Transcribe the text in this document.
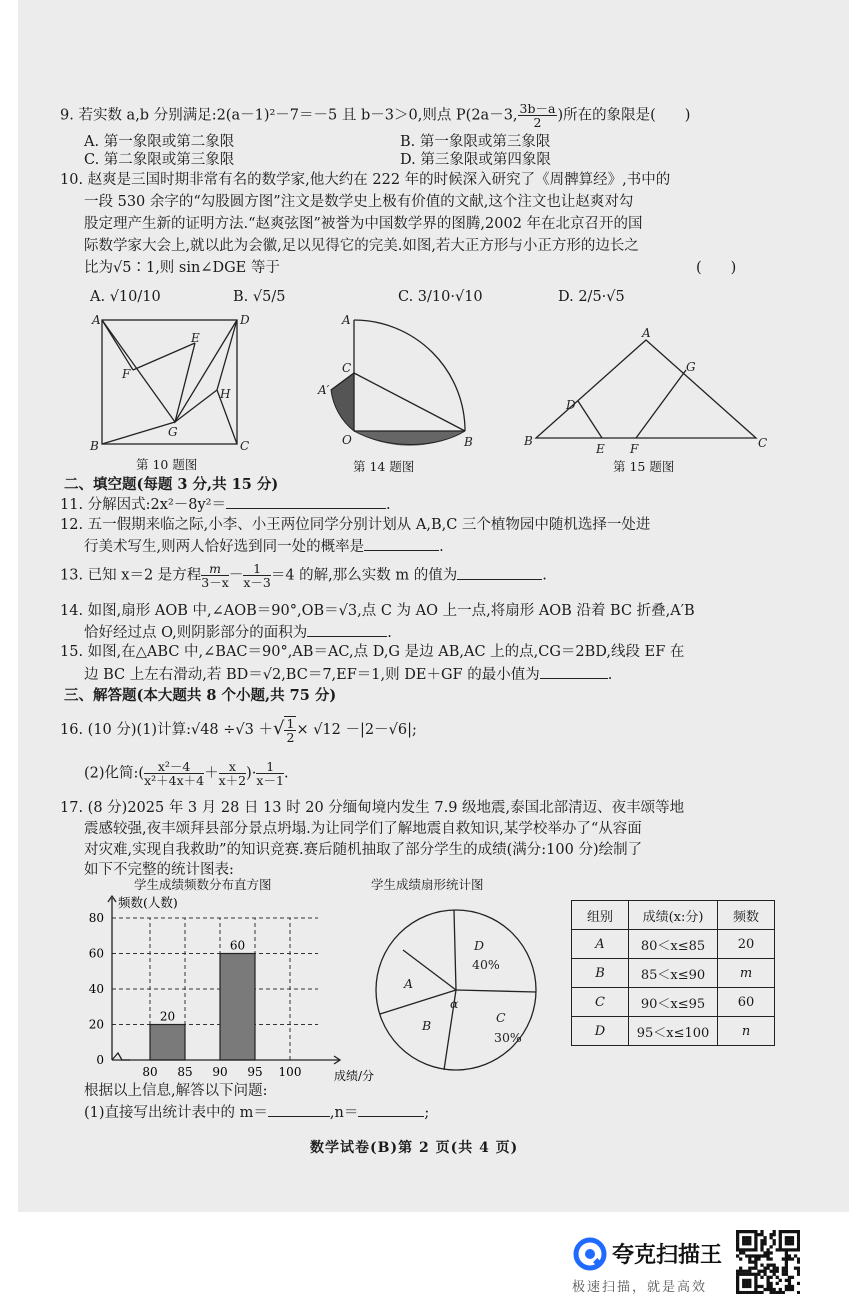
9. 若实数 a,b 分别满足:2(a－1)²－7＝－5 且 b－3＞0,则点 P(2a－3, $\frac{3b-a}{2}$ )所在的象限是(　　)
A. 第一象限或第二象限	B. 第一象限或第三象限
C. 第二象限或第三象限	D. 第三象限或第四象限
10. 赵爽是三国时期非常有名的数学家,他大约在 222 年的时候深入研究了《周髀算经》,书中的
一段 530 余字的“勾股圆方图”注文是数学史上极有价值的文献,这个注文也让赵爽对勾
股定理产生新的证明方法.“赵爽弦图”被誉为中国数学界的图腾,2002 年在北京召开的国
际数学家大会上,就以此为会徽,足以见得它的完美.如图,若大正方形与小正方形的边长之
比为√5∶1,则 sin∠DGE 等于	(　　)
A. √10/10	B. √5/5	C. 3/10·√10	D. 2/5·√5
A	D
B	C
E
F
G
H
第 10 题图
A
C
A′
O	B
第 14 题图
A
G
D
B
E F	C
第 15 题图
二、填空题(每题 3 分,共 15 分)
11. 分解因式:2x²－8y²＝	.
12. 五一假期来临之际,小李、小王两位同学分别计划从 A,B,C 三个植物园中随机选择一处进
行美术写生,则两人恰好选到同一处的概率是	.
13. 已知 x＝2 是方程 $\frac{m}{3-x} - \frac{1}{x-3} =4$ 的解,那么实数 m 的值为	.
14. 如图,扇形 AOB 中,∠AOB＝90°,OB＝√3,点 C 为 AO 上一点,将扇形 AOB 沿着 BC 折叠,A′B
恰好经过点 O,则阴影部分的面积为	.
15. 如图,在△ABC 中,∠BAC＝90°,AB＝AC,点 D,G 是边 AB,AC 上的点,CG＝2BD,线段 EF 在
边 BC 上左右滑动,若 BD＝√2,BC＝7,EF＝1,则 DE＋GF 的最小值为	.
三、解答题(本大题共 8 个小题,共 75 分)
16. (10 分)(1)计算:√48 ÷√3 ＋√ $\frac{1}{2} \times √12 -|2-√6|$;
(2)化简:( $\frac{\text{x²－4}}{\text{x²＋4x＋4}} + \frac{x}{x+2}$ )· $\frac{1}{x-1}$ .
17. (8 分)2025 年 3 月 28 日 13 时 20 分缅甸境内发生 7.9 级地震,泰国北部清迈、夜丰颂等地
震感较强,夜丰颂拜县部分景点坍塌.为让同学们了解地震自救知识,某学校举办了“从容面
对灾难,实现自我救助”的知识竞赛.赛后随机抽取了部分学生的成绩(满分:100 分)绘制了
如下不完整的统计图表:
学生成绩频数分布直方图
频数(人数)
成绩/分
0
20
40
60
80
80 85 90 95 100
20
60
学生成绩扇形统计图
D
40%
A
B
α
C
30%
组别	成绩(x:分)	频数
A	80＜x≤85	20
B	85＜x≤90	m
C	90＜x≤95	60
D	95＜x≤100	n
根据以上信息,解答以下问题:
(1)直接写出统计表中的 m＝	,n＝	;
数学试卷(B)第 2 页(共 4 页)
夸克扫描王
极速扫描，就是高效
